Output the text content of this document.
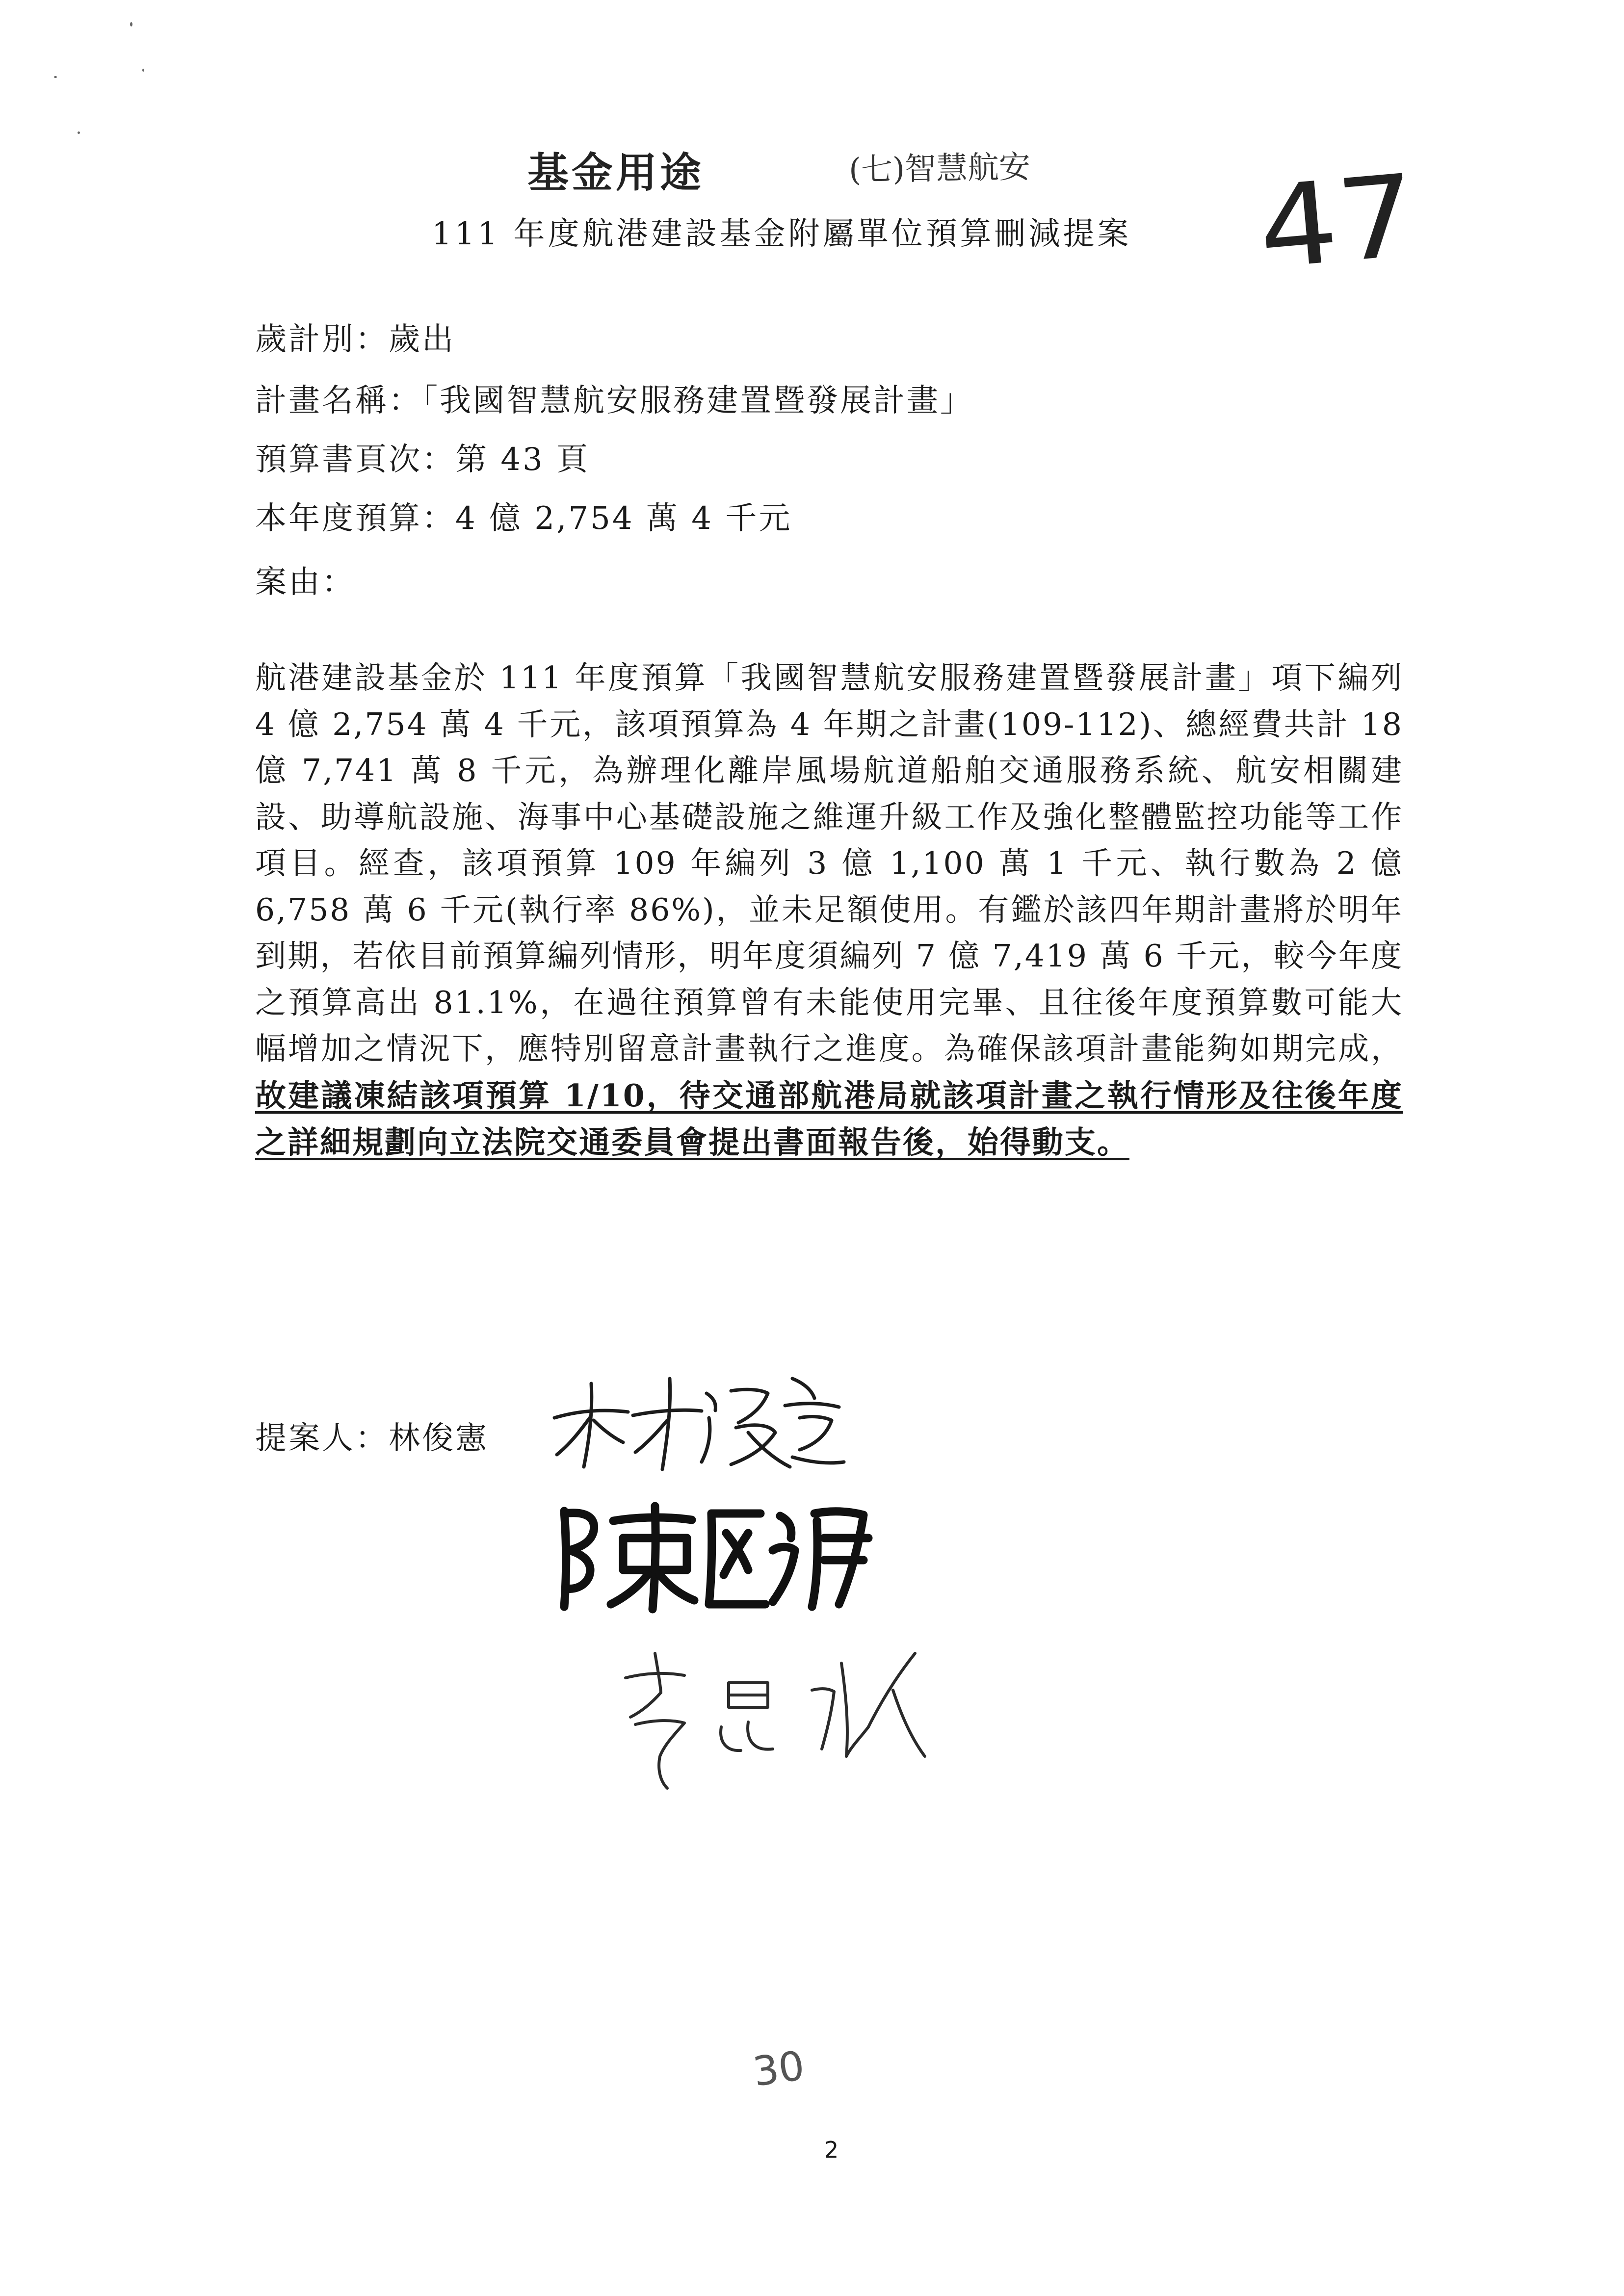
基金用途	(七)智慧航安 47
111 年度航港建設基金附屬單位預算刪減提案
歲計別：歲出
計畫名稱：「我國智慧航安服務建置暨發展計畫」
預算書頁次：第 43 頁
本年度預算：4 億 2,754 萬 4 千元
案由：
航港建設基金於 111 年度預算「我國智慧航安服務建置暨發展計畫」項下編列 4 億 2,754 萬 4 千元，該項預算為 4 年期之計畫(109-112)、總經費共計 18 億 7,741 萬 8 千元，為辦理化離岸風場航道船舶交通服務系統、航安相關建設、助導航設施、海事中心基礎設施之維運升級工作及強化整體監控功能等工作項目。經查，該項預算 109 年編列 3 億 1,100 萬 1 千元、執行數為 2 億 6,758 萬 6 千元(執行率 86%)，並未足額使用。有鑑於該四年期計畫將於明年到期，若依目前預算編列情形，明年度須編列 7 億 7,419 萬 6 千元，較今年度之預算高出 81.1%，在過往預算曾有未能使用完畢、且往後年度預算數可能大幅增加之情況下，應特別留意計畫執行之進度。為確保該項計畫能夠如期完成，故建議凍結該項預算 1/10，待交通部航港局就該項計畫之執行情形及往後年度之詳細規劃向立法院交通委員會提出書面報告後，始得動支。
提案人：林俊憲
30
2
